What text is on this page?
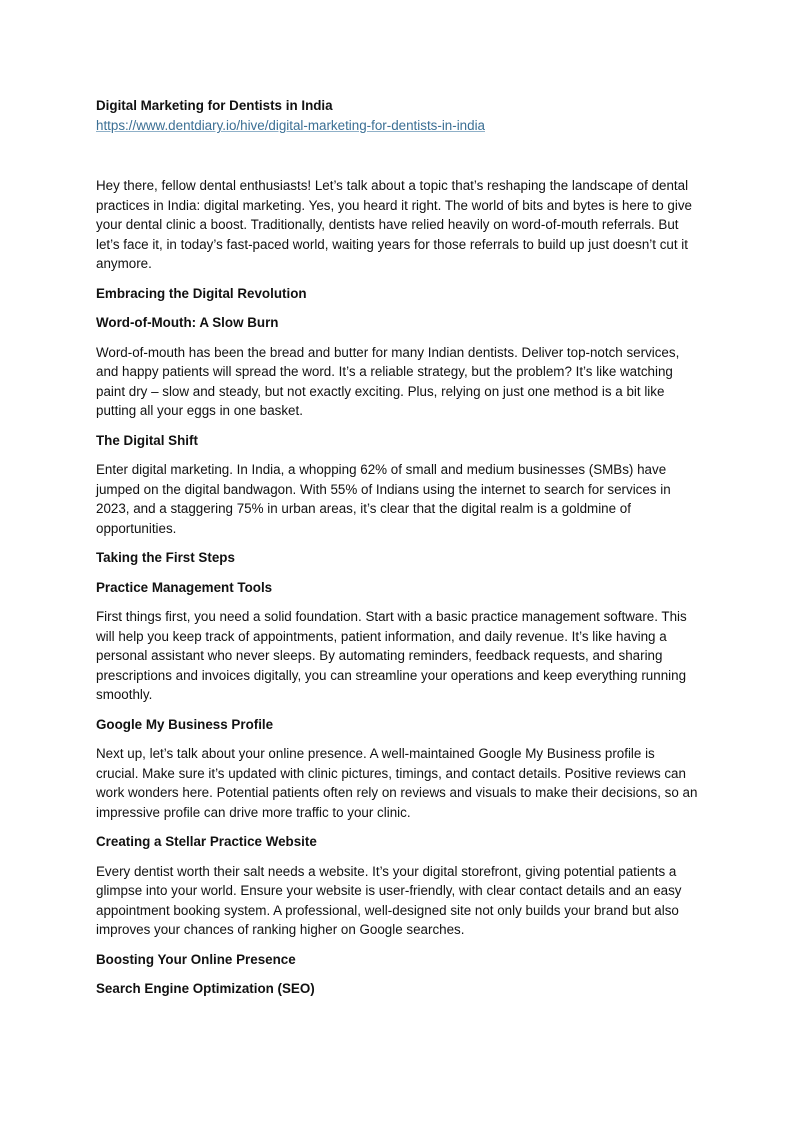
Digital Marketing for Dentists in India
https://www.dentdiary.io/hive/digital-marketing-for-dentists-in-india

Hey there, fellow dental enthusiasts! Let’s talk about a topic that’s reshaping the landscape of dental practices in India: digital marketing. Yes, you heard it right. The world of bits and bytes is here to give your dental clinic a boost. Traditionally, dentists have relied heavily on word-of-mouth referrals. But let’s face it, in today’s fast-paced world, waiting years for those referrals to build up just doesn’t cut it anymore.

Embracing the Digital Revolution
Word-of-Mouth: A Slow Burn

Word-of-mouth has been the bread and butter for many Indian dentists. Deliver top-notch services, and happy patients will spread the word. It’s a reliable strategy, but the problem? It’s like watching paint dry – slow and steady, but not exactly exciting. Plus, relying on just one method is a bit like putting all your eggs in one basket.

The Digital Shift

Enter digital marketing. In India, a whopping 62% of small and medium businesses (SMBs) have jumped on the digital bandwagon. With 55% of Indians using the internet to search for services in 2023, and a staggering 75% in urban areas, it’s clear that the digital realm is a goldmine of opportunities.

Taking the First Steps
Practice Management Tools

First things first, you need a solid foundation. Start with a basic practice management software. This will help you keep track of appointments, patient information, and daily revenue. It’s like having a personal assistant who never sleeps. By automating reminders, feedback requests, and sharing prescriptions and invoices digitally, you can streamline your operations and keep everything running smoothly.

Google My Business Profile

Next up, let’s talk about your online presence. A well-maintained Google My Business profile is crucial. Make sure it’s updated with clinic pictures, timings, and contact details. Positive reviews can work wonders here. Potential patients often rely on reviews and visuals to make their decisions, so an impressive profile can drive more traffic to your clinic.

Creating a Stellar Practice Website

Every dentist worth their salt needs a website. It’s your digital storefront, giving potential patients a glimpse into your world. Ensure your website is user-friendly, with clear contact details and an easy appointment booking system. A professional, well-designed site not only builds your brand but also improves your chances of ranking higher on Google searches.

Boosting Your Online Presence
Search Engine Optimization (SEO)
